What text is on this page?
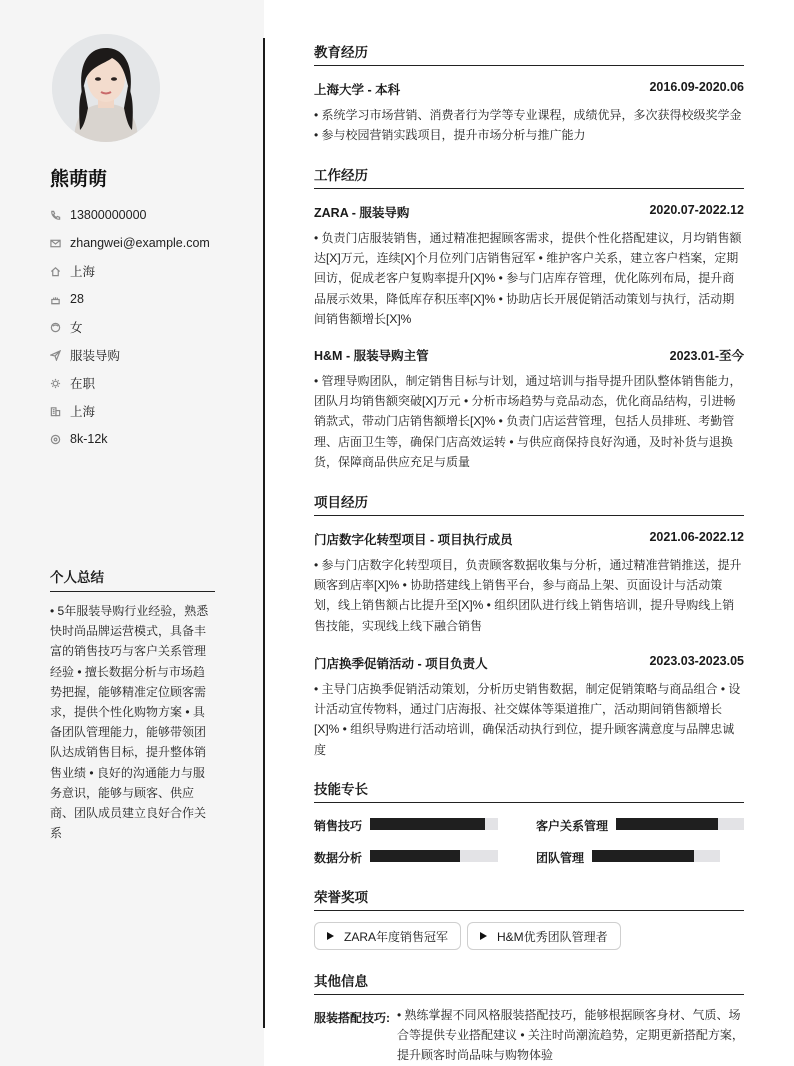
熊萌萌
13800000000
zhangwei@example.com
上海
28
女
服装导购
在职
上海
8k-12k
个人总结
• 5年服装导购行业经验，熟悉快时尚品牌运营模式，具备丰富的销售技巧与客户关系管理经验 • 擅长数据分析与市场趋势把握，能够精准定位顾客需求，提供个性化购物方案 • 具备团队管理能力，能够带领团队达成销售目标，提升整体销售业绩 • 良好的沟通能力与服务意识，能够与顾客、供应商、团队成员建立良好合作关系
教育经历
上海大学 - 本科	2016.09-2020.06
• 系统学习市场营销、消费者行为学等专业课程，成绩优异，多次获得校级奖学金
• 参与校园营销实践项目，提升市场分析与推广能力
工作经历
ZARA - 服装导购	2020.07-2022.12
• 负责门店服装销售，通过精准把握顾客需求，提供个性化搭配建议，月均销售额达[X]万元，连续[X]个月位列门店销售冠军 • 维护客户关系，建立客户档案，定期回访，促成老客户复购率提升[X]% • 参与门店库存管理，优化陈列布局，提升商品展示效果，降低库存积压率[X]% • 协助店长开展促销活动策划与执行，活动期间销售额增长[X]%
H&M - 服装导购主管	2023.01-至今
• 管理导购团队，制定销售目标与计划，通过培训与指导提升团队整体销售能力，团队月均销售额突破[X]万元 • 分析市场趋势与竞品动态，优化商品结构，引进畅销款式，带动门店销售额增长[X]% • 负责门店运营管理，包括人员排班、考勤管理、店面卫生等，确保门店高效运转 • 与供应商保持良好沟通，及时补货与退换货，保障商品供应充足与质量
项目经历
门店数字化转型项目 - 项目执行成员	2021.06-2022.12
• 参与门店数字化转型项目，负责顾客数据收集与分析，通过精准营销推送，提升顾客到店率[X]% • 协助搭建线上销售平台，参与商品上架、页面设计与活动策划，线上销售额占比提升至[X]% • 组织团队进行线上销售培训，提升导购线上销售技能，实现线上线下融合销售
门店换季促销活动 - 项目负责人	2023.03-2023.05
• 主导门店换季促销活动策划，分析历史销售数据，制定促销策略与商品组合 • 设计活动宣传物料，通过门店海报、社交媒体等渠道推广，活动期间销售额增长[X]% • 组织导购进行活动培训，确保活动执行到位，提升顾客满意度与品牌忠诚度
技能专长
销售技巧	客户关系管理
数据分析	团队管理
荣誉奖项
ZARA年度销售冠军	H&M优秀团队管理者
其他信息
服装搭配技巧: • 熟练掌握不同风格服装搭配技巧，能够根据顾客身材、气质、场合等提供专业搭配建议 • 关注时尚潮流趋势，定期更新搭配方案，提升顾客时尚品味与购物体验
